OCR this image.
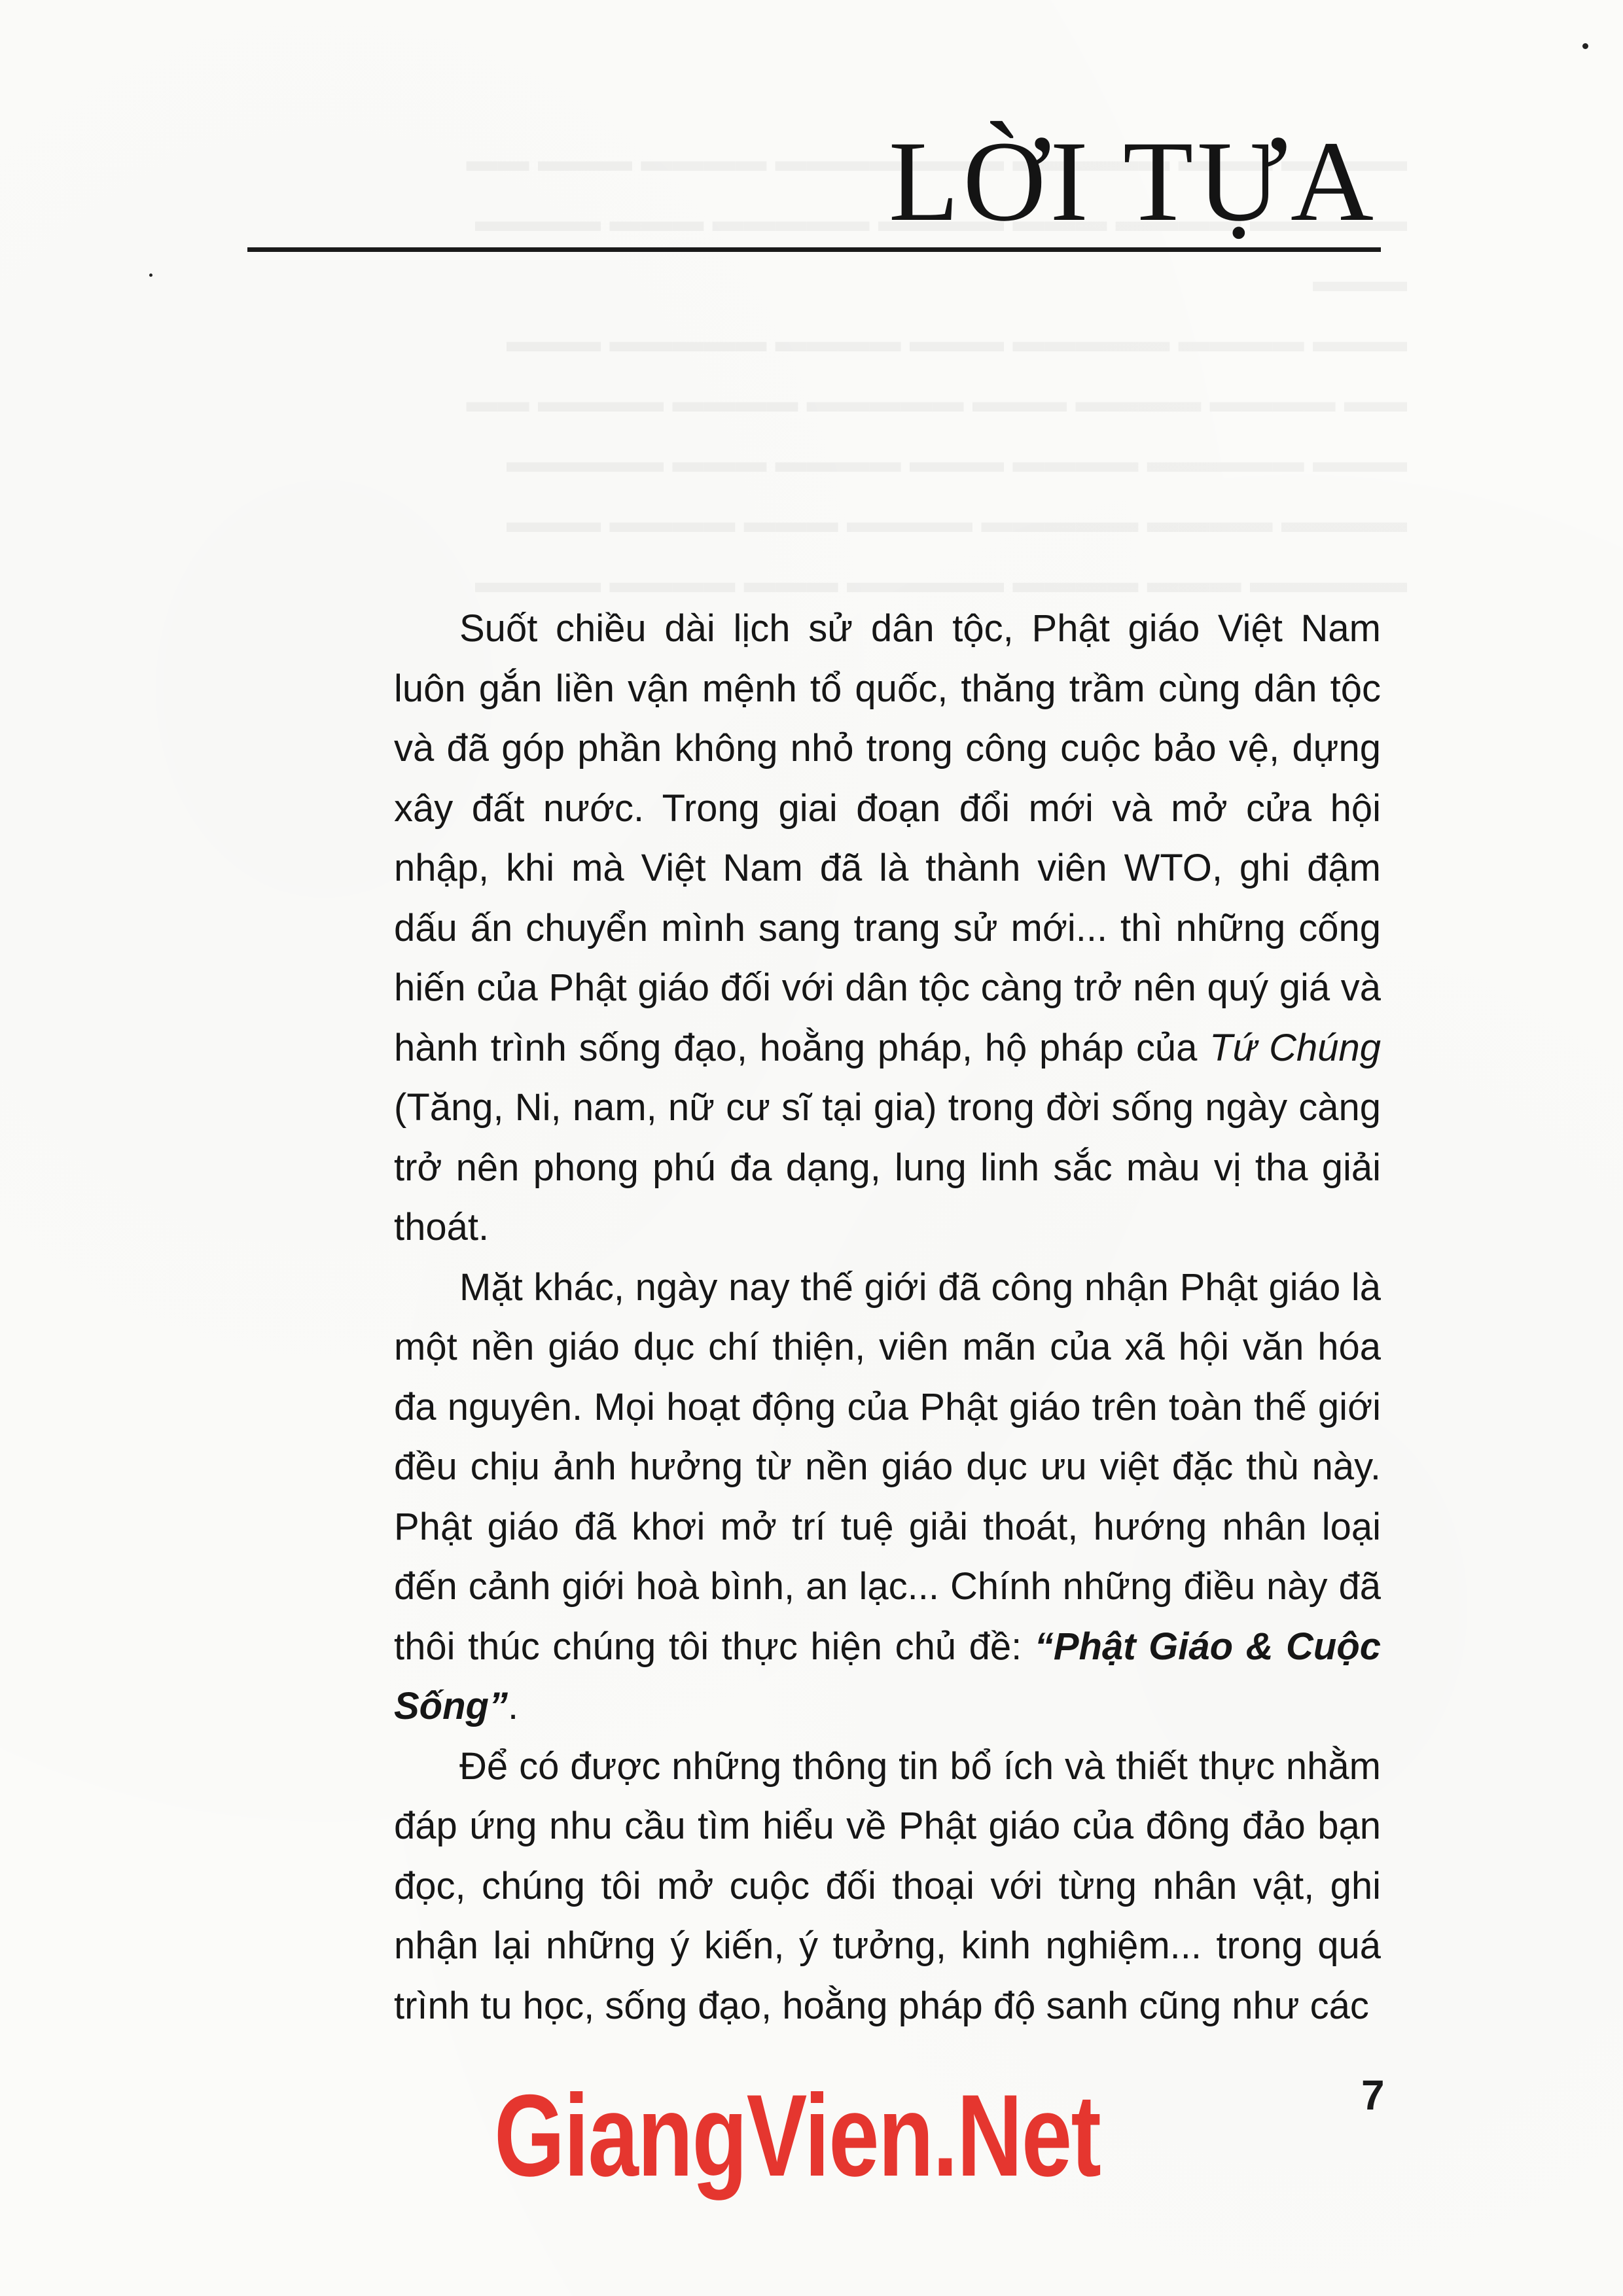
LỜI TỰA

Suốt chiều dài lịch sử dân tộc, Phật giáo Việt Nam luôn gắn liền vận mệnh tổ quốc, thăng trầm cùng dân tộc và đã góp phần không nhỏ trong công cuộc bảo vệ, dựng xây đất nước. Trong giai đoạn đổi mới và mở cửa hội nhập, khi mà Việt Nam đã là thành viên WTO, ghi đậm dấu ấn chuyển mình sang trang sử mới... thì những cống hiến của Phật giáo đối với dân tộc càng trở nên quý giá và hành trình sống đạo, hoằng pháp, hộ pháp của Tứ Chúng (Tăng, Ni, nam, nữ cư sĩ tại gia) trong đời sống ngày càng trở nên phong phú đa dạng, lung linh sắc màu vị tha giải thoát.

Mặt khác, ngày nay thế giới đã công nhận Phật giáo là một nền giáo dục chí thiện, viên mãn của xã hội văn hóa đa nguyên. Mọi hoạt động của Phật giáo trên toàn thế giới đều chịu ảnh hưởng từ nền giáo dục ưu việt đặc thù này. Phật giáo đã khơi mở trí tuệ giải thoát, hướng nhân loại đến cảnh giới hoà bình, an lạc... Chính những điều này đã thôi thúc chúng tôi thực hiện chủ đề: “Phật Giáo & Cuộc Sống”.

Để có được những thông tin bổ ích và thiết thực nhằm đáp ứng nhu cầu tìm hiểu về Phật giáo của đông đảo bạn đọc, chúng tôi mở cuộc đối thoại với từng nhân vật, ghi nhận lại những ý kiến, ý tưởng, kinh nghiệm... trong quá trình tu học, sống đạo, hoằng pháp độ sanh cũng như các

7
GiangVien.Net
